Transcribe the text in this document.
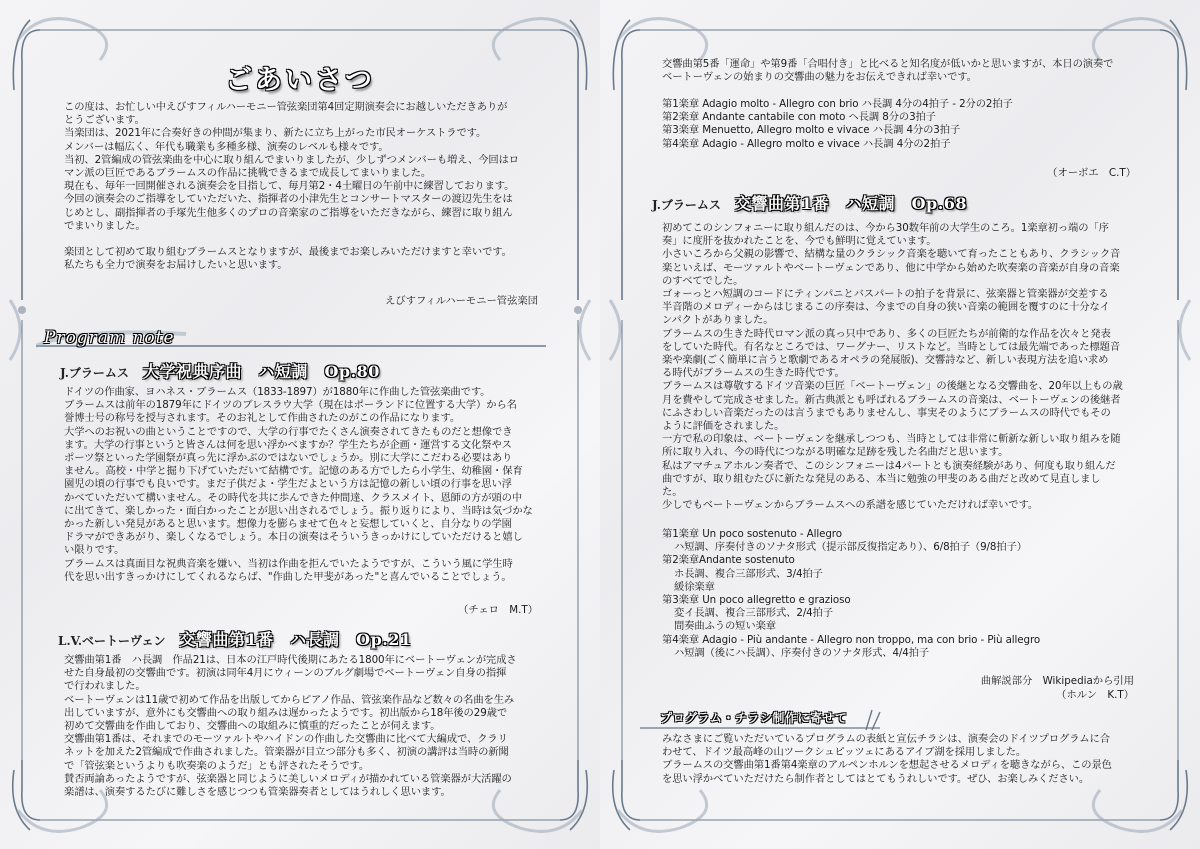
ごあいさつ

この度は、お忙しい中えびすフィルハーモニー管弦楽団第4回定期演奏会にお越しいただきありが

とうございます。

当楽団は、2021年に合奏好きの仲間が集まり、新たに立ち上がった市民オーケストラです。

メンバーは幅広く、年代も職業も多種多様、演奏のレベルも様々です。

当初、2管編成の管弦楽曲を中心に取り組んでまいりましたが、少しずつメンバーも増え、今回はロ

マン派の巨匠であるブラームスの作品に挑戦できるまで成長してまいりました。

現在も、毎年一回開催される演奏会を目指して、毎月第2・4土曜日の午前中に練習しております。

今回の演奏会のご指導をしていただいた、指揮者の小津先生とコンサートマスターの渡辺先生をは

じめとし、副指揮者の手塚先生他多くのプロの音楽家のご指導をいただきながら、練習に取り組ん

でまいりました。

楽団として初めて取り組むブラームスとなりますが、最後までお楽しみいただけますと幸いです。

私たちも全力で演奏をお届けしたいと思います。

えびすフィルハーモニー管弦楽団
Program note
J.ブラームス 大学祝典序曲　ハ短調　Op.80

ドイツの作曲家、ヨハネス・ブラームス（1833-1897）が1880年に作曲した管弦楽曲です。

ブラームスは前年の1879年にドイツのブレスラウ大学（現在はポーランドに位置する大学）から名

誉博士号の称号を授与されます。そのお礼として作曲されたのがこの作品になります。

大学へのお祝いの曲ということですので、大学の行事でたくさん演奏されてきたものだと想像でき

ます。大学の行事というと皆さんは何を思い浮かべますか？学生たちが企画・運営する文化祭やス

ポーツ祭といった学園祭が真っ先に浮かぶのではないでしょうか。別に大学にこだわる必要はあり

ません。高校・中学と掘り下げていただいて結構です。記憶のある方でしたら小学生、幼稚園・保育

園児の頃の行事でも良いです。まだ子供だよ・学生だよという方は記憶の新しい頃の行事を思い浮

かべていただいて構いません。その時代を共に歩んできた仲間達、クラスメイト、恩師の方が頭の中

に出てきて、楽しかった・面白かったことが思い出されるでしょう。振り返りにより、当時は気づかな

かった新しい発見があると思います。想像力を膨らませて色々と妄想していくと、自分なりの学園

ドラマができあがり、楽しくなるでしょう。本日の演奏はそういうきっかけにしていただけると嬉し

い限りです。

ブラームスは真面目な祝典音楽を嫌い、当初は作曲を拒んでいたようですが、こういう風に学生時

代を思い出すきっかけにしてくれるならば、"作曲した甲斐があった"と喜んでいることでしょう。

（チェロ　M.T）
L.V.ベートーヴェン 交響曲第1番　ハ長調　Op.21

交響曲第1番　ハ長調　作品21は、日本の江戸時代後期にあたる1800年にベートーヴェンが完成さ

せた自身最初の交響曲です。初演は同年4月にウィーンのブルグ劇場でベートーヴェン自身の指揮

で行われました。

ベートーヴェンは11歳で初めて作品を出版してからピアノ作品、管弦楽作品など数々の名曲を生み

出していますが、意外にも交響曲への取り組みは遅かったようです。初出版から18年後の29歳で

初めて交響曲を作曲しており、交響曲への取組みに慎重的だったことが伺えます。

交響曲第1番は、それまでのモーツァルトやハイドンの作曲した交響曲に比べて大編成で、クラリ

ネットを加えた2管編成で作曲されました。管楽器が目立つ部分も多く、初演の講評は当時の新聞

で「管弦楽というよりも吹奏楽のようだ」とも評されたそうです。

賛否両論あったようですが、弦楽器と同じように美しいメロディが描かれている管楽器が大活躍の

楽譜は、演奏するたびに難しさを感じつつも管楽器奏者としてはうれしく思います。

交響曲第5番「運命」や第9番「合唱付き」と比べると知名度が低いかと思いますが、本日の演奏で

ベートーヴェンの始まりの交響曲の魅力をお伝えできれば幸いです。

第1楽章 Adagio molto - Allegro con brio ハ長調 4分の4拍子 - 2分の2拍子

第2楽章 Andante cantabile con moto ヘ長調 8分の3拍子

第3楽章 Menuetto, Allegro molto e vivace ハ長調 4分の3拍子

第4楽章 Adagio - Allegro molto e vivace ハ長調 4分の2拍子

（オーボエ　C.T）
J.ブラームス 交響曲第1番　ハ短調　Op.68

初めてこのシンフォニーに取り組んだのは、今から30数年前の大学生のころ。1楽章初っ端の「序

奏」に度肝を抜かれたことを、今でも鮮明に覚えています。

小さいころから父親の影響で、結構な量のクラシック音楽を聴いて育ったこともあり、クラシック音

楽といえば、モーツァルトやベートーヴェンであり、他に中学から始めた吹奏楽の音楽が自身の音楽

のすべてでした。

ゴォーっとハ短調のコードにティンパニとバスパートの拍子を背景に、弦楽器と管楽器が交差する

半音階のメロディーからはじまるこの序奏は、今までの自身の狭い音楽の範囲を覆すのに十分なイ

ンパクトがありました。

ブラームスの生きた時代ロマン派の真っ只中であり、多くの巨匠たちが前衛的な作品を次々と発表

をしていた時代。有名なところでは、ワーグナー、リストなど。当時としては最先端であった標題音

楽や楽劇(ごく簡単に言うと歌劇であるオペラの発展版)、交響詩など、新しい表現方法を追い求め

る時代がブラームスの生きた時代です。

ブラームスは尊敬するドイツ音楽の巨匠「ベートーヴェン」の後継となる交響曲を、20年以上もの歳

月を費やして完成させました。新古典派とも呼ばれるブラームスの音楽は、ベートーヴェンの後継者

にふさわしい音楽だったのは言うまでもありませんし、事実そのようにブラームスの時代でもその

ように評価をされました。

一方で私の印象は、ベートーヴェンを継承しつつも、当時としては非常に斬新な新しい取り組みを随

所に取り入れ、今の時代につながる明確な足跡を残した名曲だと思います。

私はアマチュアホルン奏者で、このシンフォニーは4パートとも演奏経験があり、何度も取り組んだ

曲ですが、取り組むたびに新たな発見のある、本当に勉強の甲斐のある曲だと改めて見直しまし

た。

少しでもベートーヴェンからブラームスへの系譜を感じていただければ幸いです。

第1楽章 Un poco sostenuto - Allegro

ハ短調、序奏付きのソナタ形式（提示部反復指定あり）、6/8拍子（9/8拍子）

第2楽章Andante sostenuto

ホ長調、複合三部形式、3/4拍子

緩徐楽章

第3楽章 Un poco allegretto e grazioso

変イ長調、複合三部形式、2/4拍子

間奏曲ふうの短い楽章

第4楽章 Adagio - Più andante - Allegro non troppo, ma con brio - Più allegro

ハ短調（後にハ長調）、序奏付きのソナタ形式、4/4拍子

曲解説部分　Wikipediaから引用
（ホルン　K.T）
プログラム・チラシ制作に寄せて

みなさまにご覧いただいているプログラムの表紙と宣伝チラシは、演奏会のドイツプログラムに合

わせて、ドイツ最高峰の山ツークシュピッツェにあるアイブ湖を採用しました。

ブラームスの交響曲第1番第4楽章のアルペンホルンを想起させるメロディを聴きながら、この景色

を思い浮かべていただけたら制作者としてはとてもうれしいです。ぜひ、お楽しみください。
